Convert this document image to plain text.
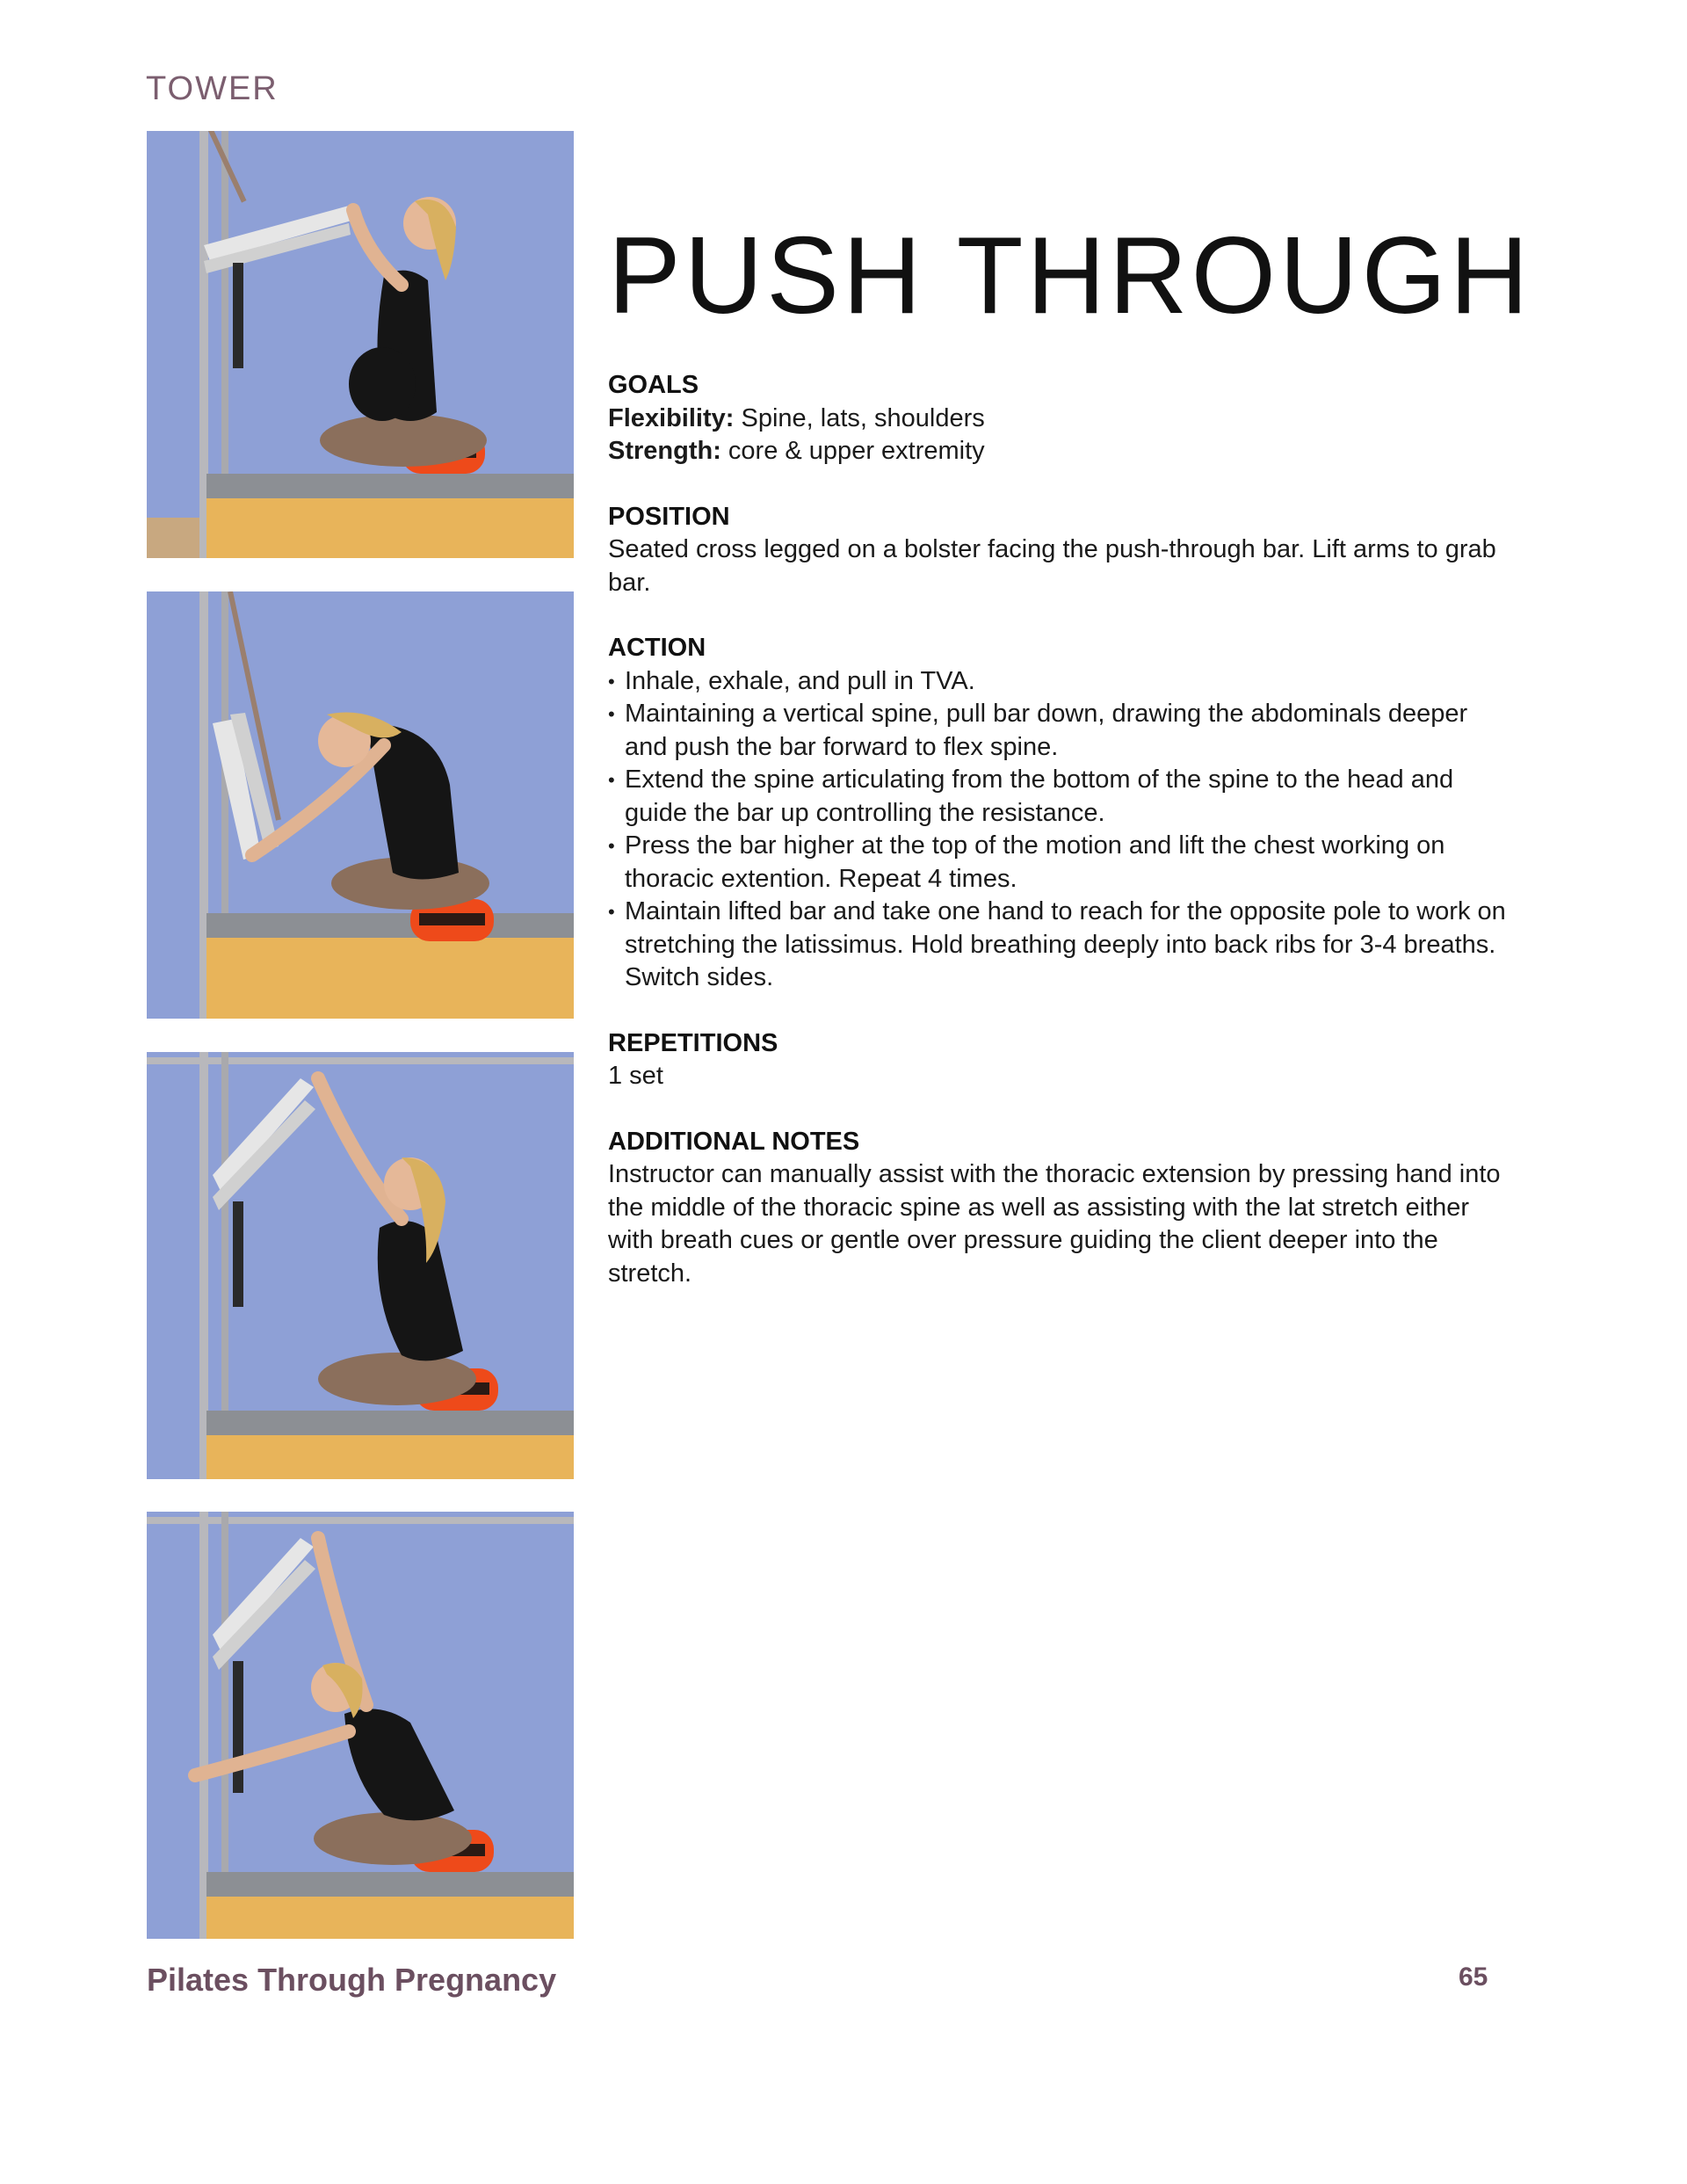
TOWER
PUSH THROUGH
GOALS

Flexibility: Spine, lats, shoulders

Strength: core & upper extremity

POSITION

Seated cross legged on a bolster facing the push-through bar. Lift arms to grab bar.

ACTION
• Inhale, exhale, and pull in TVA.
• Maintaining a vertical spine, pull bar down, drawing the abdominals deeper and push the bar forward to flex spine.
• Extend the spine articulating from the bottom of the spine to the head and guide the bar up controlling the resistance.
• Press the bar higher at the top of the motion and lift the chest working on thoracic extention. Repeat 4 times.
• Maintain lifted bar and take one hand to reach for the opposite pole to work on stretching the latissimus. Hold breathing deeply into back ribs for 3-4 breaths. Switch sides.
REPETITIONS

1 set

ADDITIONAL NOTES

Instructor can manually assist with the thoracic extension by pressing hand into the middle of the thoracic spine as well as assisting with the lat stretch either with breath cues or gentle over pressure guiding the client deeper into the stretch.

Pilates Through Pregnancy	65
